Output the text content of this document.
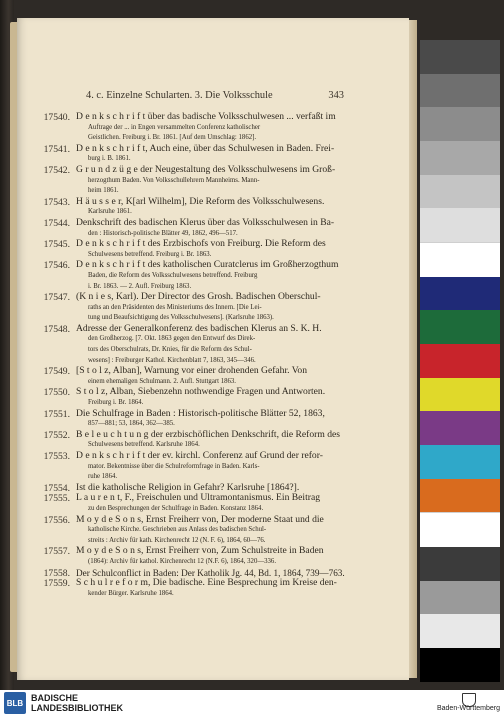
4. c. Einzelne Schularten. 3. Die Volksschule	343
17540. D e n k s c h r i f t über das badische Volksschulwesen ... verfaßt im
Auftrage der ... in Engen versammelten Conferenz katholischer
Geistlichen. Freiburg i. Br. 1861. [Auf dem Umschlag: 1862].
17541. D e n k s c h r i f t, Auch eine, über das Schulwesen in Baden. Frei-
burg i. B. 1861.
17542. G r u n d z ü g e der Neugestaltung des Volksschulwesens im Groß-
herzogthum Baden. Von Volksschullehrern Mannheims. Mann-
heim 1861.
17543. H ä u s s e r, K[arl Wilhelm], Die Reform des Volksschulwesens.
Karlsruhe 1861.
17544. Denkschrift des badischen Klerus über das Volksschulwesen in Ba-
den : Historisch-politische Blätter 49, 1862, 496—517.
17545. D e n k s c h r i f t des Erzbischofs von Freiburg. Die Reform des
Schulwesens betreffend. Freiburg i. Br. 1863.
17546. D e n k s c h r i f t des katholischen Curatclerus im Großherzogthum
Baden, die Reform des Volksschulwesens betreffend. Freiburg
i. Br. 1863. — 2. Aufl. Freiburg 1863.
17547. (K n i e s, Karl). Der Director des Grosh. Badischen Oberschul-
raths an den Präsidenten des Ministeriums des Innern. [Die Lei-
tung und Beaufsichtigung des Volksschulwesens]. (Karlsruhe 1863).
17548. Adresse der Generalkonferenz des badischen Klerus an S. K. H.
den Großherzog. [7. Okt. 1863 gegen den Entwurf des Direk-
tors des Oberschulrats, Dr. Knies, für die Reform des Schul-
wesens] : Freiburger Kathol. Kirchenblatt 7, 1863, 345—346.
17549. [S t o l z, Alban], Warnung vor einer drohenden Gefahr. Von
einem ehemaligen Schulmann. 2. Aufl. Stuttgart 1863.
17550. S t o l z, Alban, Siebenzehn nothwendige Fragen und Antworten.
Freiburg i. Br. 1864.
17551. Die Schulfrage in Baden : Historisch-politische Blätter 52, 1863,
857—881; 53, 1864, 362—385.
17552. B e l e u c h t u n g der erzbischöflichen Denkschrift, die Reform des
Schulwesens betreffend. Karlsruhe 1864.
17553. D e n k s c h r i f t der ev. kirchl. Conferenz auf Grund der refor-
mator. Bekentnisse über die Schulreformfrage in Baden. Karls-
ruhe 1864.
17554. Ist die katholische Religion in Gefahr? Karlsruhe [1864?].
17555. L a u r e n t, F., Freischulen und Ultramontanismus. Ein Beitrag
zu den Besprechungen der Schulfrage in Baden. Konstanz 1864.
17556. M o y d e S o n s, Ernst Freiherr von, Der moderne Staat und die
katholische Kirche. Geschrieben aus Anlass des badischen Schul-
streits : Archiv für kath. Kirchenrecht 12 (N. F. 6), 1864, 60—76.
17557. M o y d e S o n s, Ernst Freiherr von, Zum Schulstreite in Baden
(1864): Archiv für kathol. Kirchenrecht 12 (N.F. 6), 1864, 320—336.
17558. Der Schulconflict in Baden: Der Katholik Jg. 44, Bd. 1, 1864, 739—763.
17559. S c h u l r e f o r m, Die badische. Eine Besprechung im Kreise den-
kender Bürger. Karlsruhe 1864.
BLB BADISCHE
LANDESBIBLIOTHEK	Baden-Württemberg
